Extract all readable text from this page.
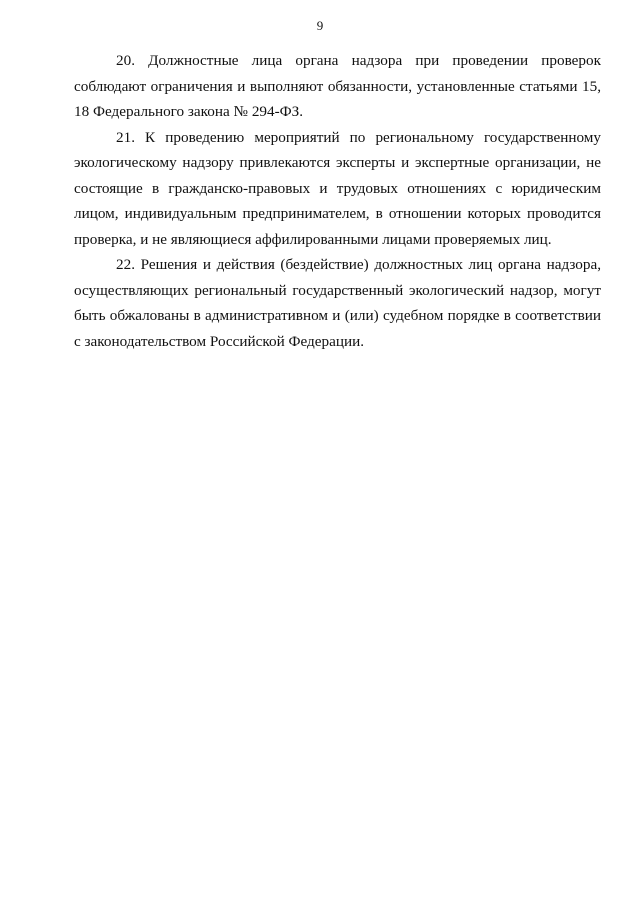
9

20. Должностные лица органа надзора при проведении проверок соблюдают ограничения и выполняют обязанности, установленные статьями 15, 18 Федерального закона № 294-ФЗ.

21. К проведению мероприятий по региональному государственному экологическому надзору привлекаются эксперты и экспертные организации, не состоящие в гражданско-правовых и трудовых отношениях с юридическим лицом, индивидуальным предпринимателем, в отношении которых проводится проверка, и не являющиеся аффилированными лицами проверяемых лиц.

22. Решения и действия (бездействие) должностных лиц органа надзора, осуществляющих региональный государственный экологический надзор, могут быть обжалованы в административном и (или) судебном порядке в соответствии с законодательством Российской Федерации.
